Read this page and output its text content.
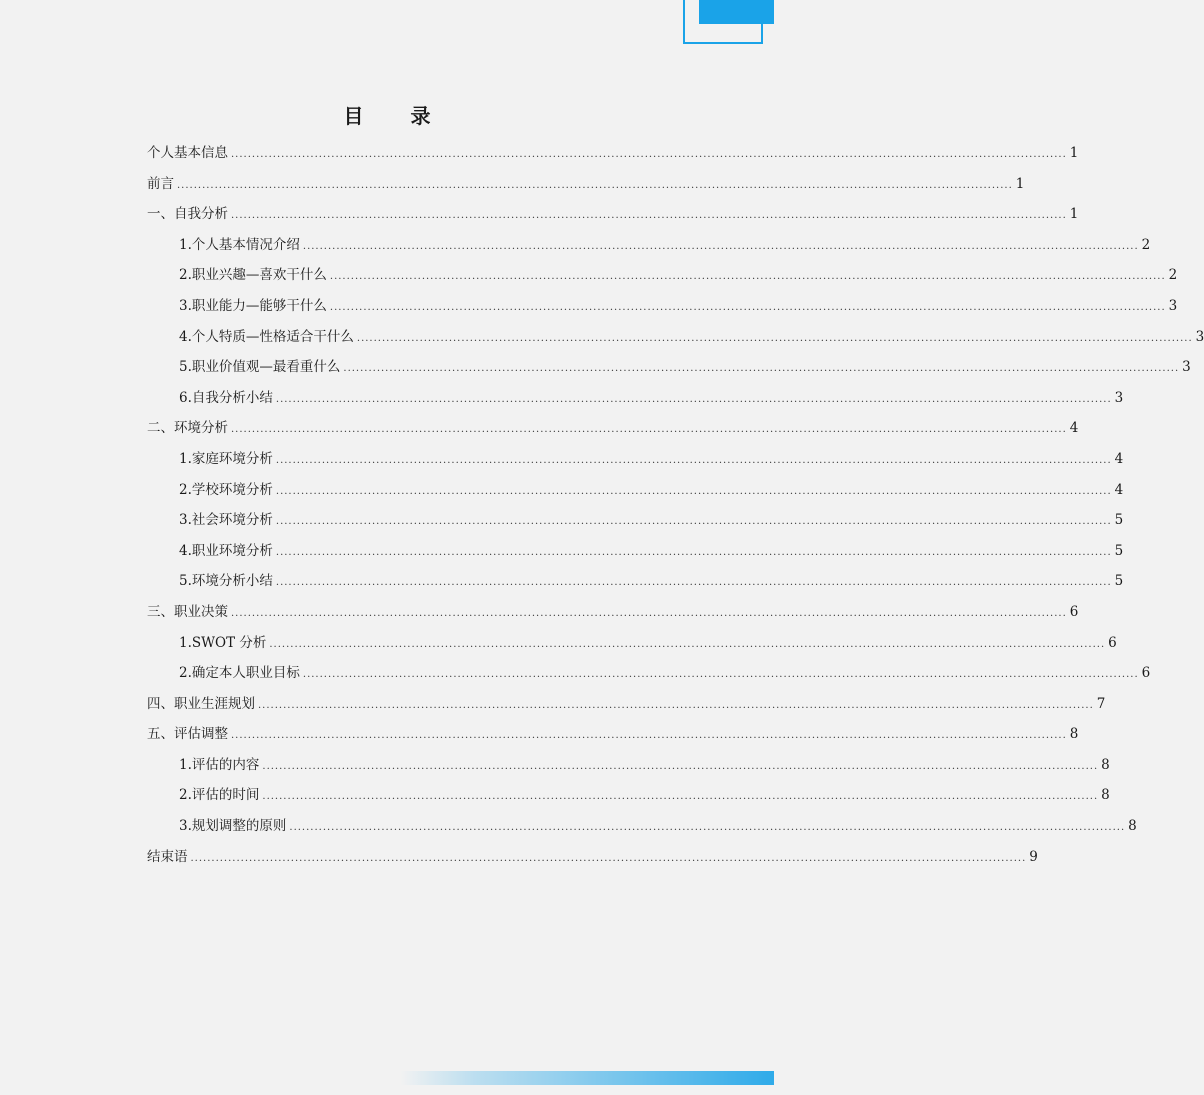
目 录
个人基本信息 ........................................................................................................................................................................................................ 1
前言 ........................................................................................................................................................................................................ 1
一、自我分析 ........................................................................................................................................................................................................ 1
1.个人基本情况介绍 ........................................................................................................................................................................................................ 2
2.职业兴趣—喜欢干什么 ........................................................................................................................................................................................................ 2
3.职业能力—能够干什么 ........................................................................................................................................................................................................ 3
4.个人特质—性格适合干什么 ........................................................................................................................................................................................................ 3
5.职业价值观—最看重什么 ........................................................................................................................................................................................................ 3
6.自我分析小结 ........................................................................................................................................................................................................ 3
二、环境分析 ........................................................................................................................................................................................................ 4
1.家庭环境分析 ........................................................................................................................................................................................................ 4
2.学校环境分析 ........................................................................................................................................................................................................ 4
3.社会环境分析 ........................................................................................................................................................................................................ 5
4.职业环境分析 ........................................................................................................................................................................................................ 5
5.环境分析小结 ........................................................................................................................................................................................................ 5
三、职业决策 ........................................................................................................................................................................................................ 6
1.SWOT 分析 ........................................................................................................................................................................................................ 6
2.确定本人职业目标 ........................................................................................................................................................................................................ 6
四、职业生涯规划 ........................................................................................................................................................................................................ 7
五、评估调整 ........................................................................................................................................................................................................ 8
1.评估的内容 ........................................................................................................................................................................................................ 8
2.评估的时间 ........................................................................................................................................................................................................ 8
3.规划调整的原则 ........................................................................................................................................................................................................ 8
结束语 ........................................................................................................................................................................................................ 9
